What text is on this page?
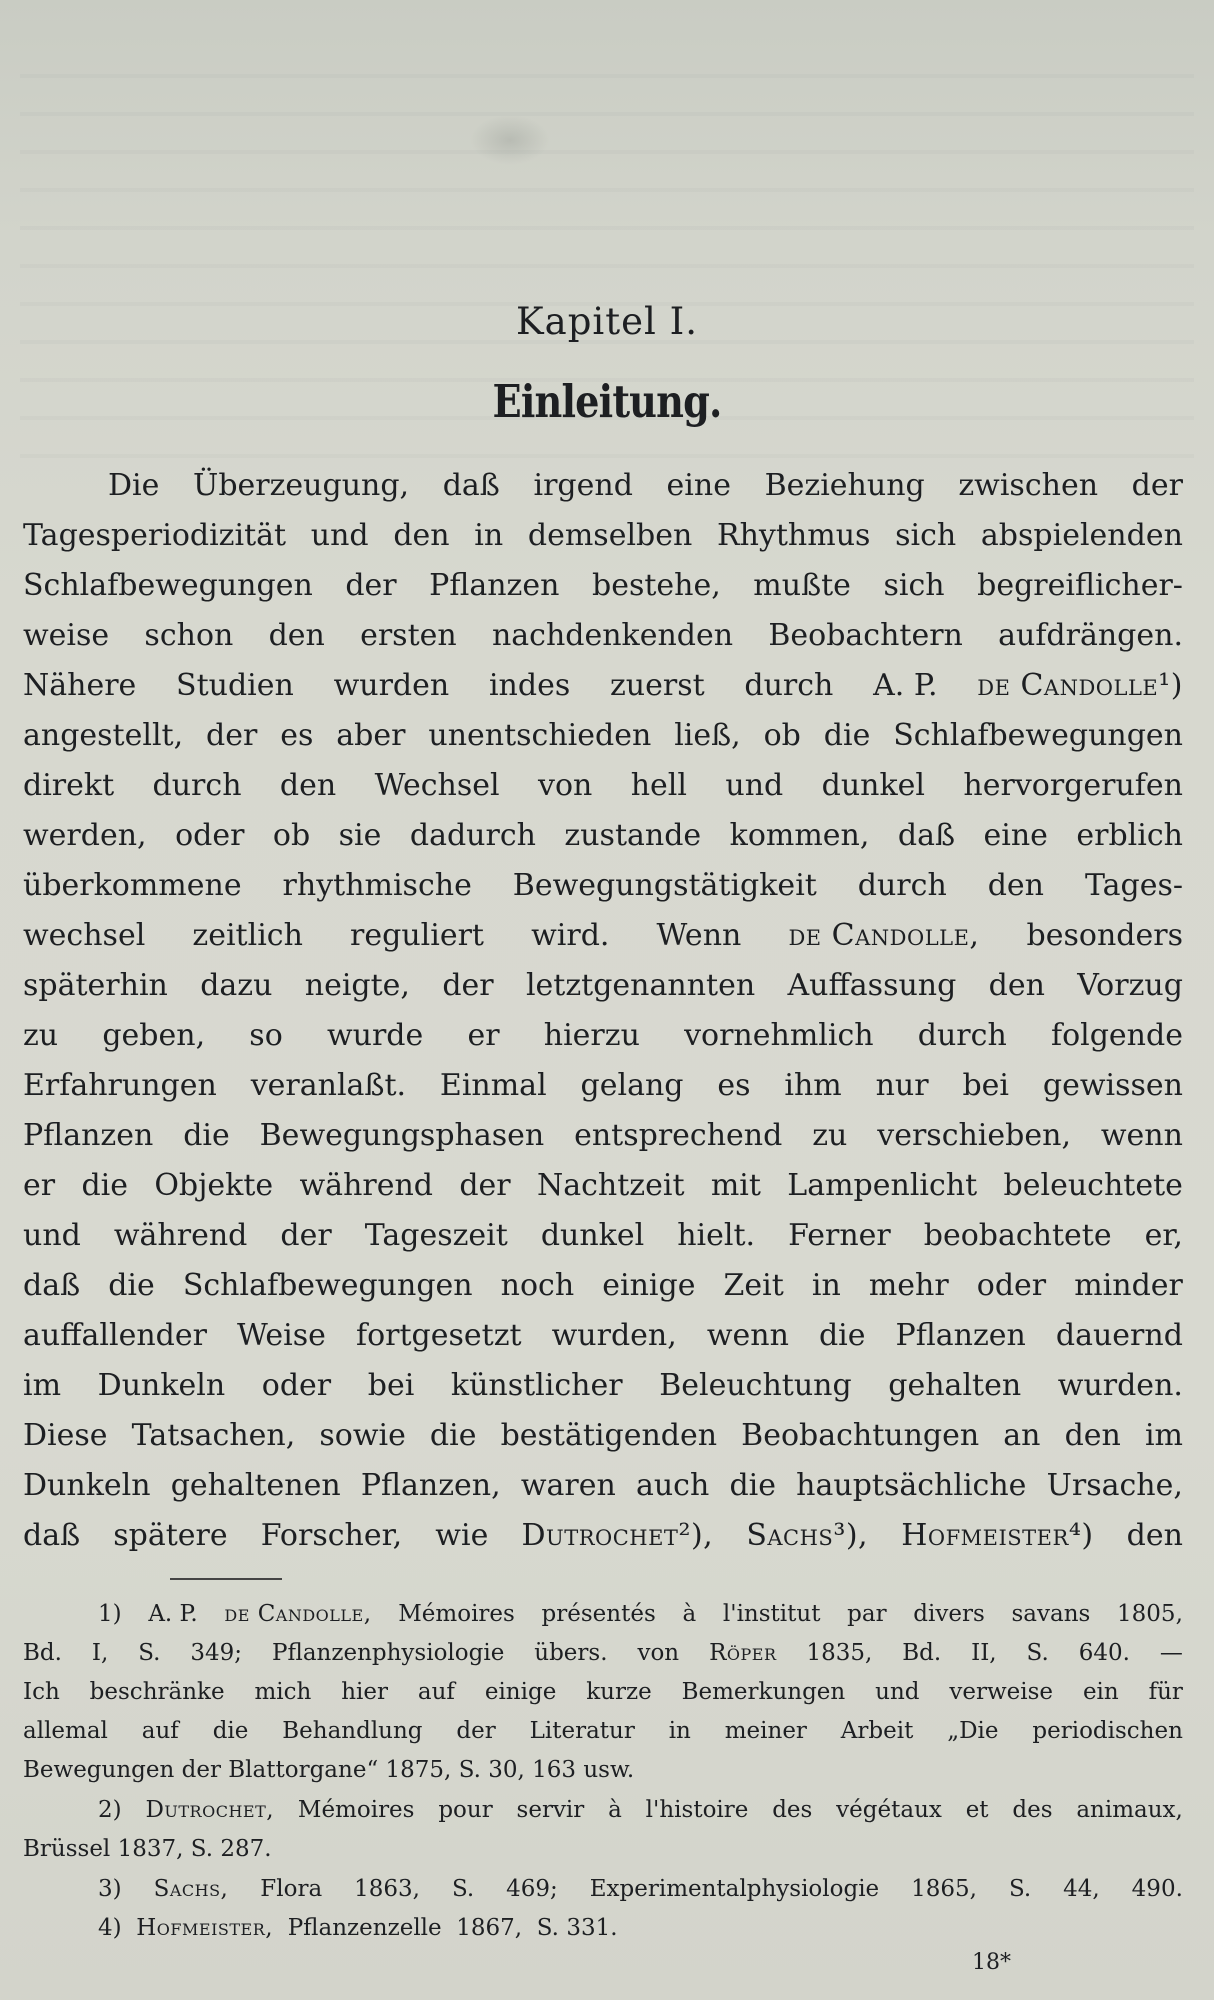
Kapitel I.
Einleitung.
Die Überzeugung, daß irgend eine Beziehung zwischen der
Tagesperiodizität und den in demselben Rhythmus sich abspielenden
Schlafbewegungen der Pflanzen bestehe, mußte sich begreiflicher-
weise schon den ersten nachdenkenden Beobachtern aufdrängen.
Nähere Studien wurden indes zuerst durch A. P. de Candolle¹)
angestellt, der es aber unentschieden ließ, ob die Schlafbewegungen
direkt durch den Wechsel von hell und dunkel hervorgerufen
werden, oder ob sie dadurch zustande kommen, daß eine erblich
überkommene rhythmische Bewegungstätigkeit durch den Tages-
wechsel zeitlich reguliert wird. Wenn de Candolle, besonders
späterhin dazu neigte, der letztgenannten Auffassung den Vorzug
zu geben, so wurde er hierzu vornehmlich durch folgende
Erfahrungen veranlaßt. Einmal gelang es ihm nur bei gewissen
Pflanzen die Bewegungsphasen entsprechend zu verschieben, wenn
er die Objekte während der Nachtzeit mit Lampenlicht beleuchtete
und während der Tageszeit dunkel hielt. Ferner beobachtete er,
daß die Schlafbewegungen noch einige Zeit in mehr oder minder
auffallender Weise fortgesetzt wurden, wenn die Pflanzen dauernd
im Dunkeln oder bei künstlicher Beleuchtung gehalten wurden.
Diese Tatsachen, sowie die bestätigenden Beobachtungen an den im
Dunkeln gehaltenen Pflanzen, waren auch die hauptsächliche Ursache,
daß spätere Forscher, wie Dutrochet²), Sachs³), Hofmeister⁴) den
1) A. P. de Candolle, Mémoires présentés à l'institut par divers savans 1805,
Bd. I, S. 349; Pflanzenphysiologie übers. von Röper 1835, Bd. II, S. 640. —
Ich beschränke mich hier auf einige kurze Bemerkungen und verweise ein für
allemal auf die Behandlung der Literatur in meiner Arbeit „Die periodischen
Bewegungen
der
Blattorgane“
1875,
S.
30,
163
usw.
2) Dutrochet, Mémoires pour servir à l'histoire des végétaux et des animaux,
Brüssel
1837,
S.
287.
3) Sachs, Flora 1863, S. 469; Experimentalphysiologie 1865, S. 44, 490.
4)
Hofmeister,
Pflanzenzelle
1867,
S.
331.
18*
